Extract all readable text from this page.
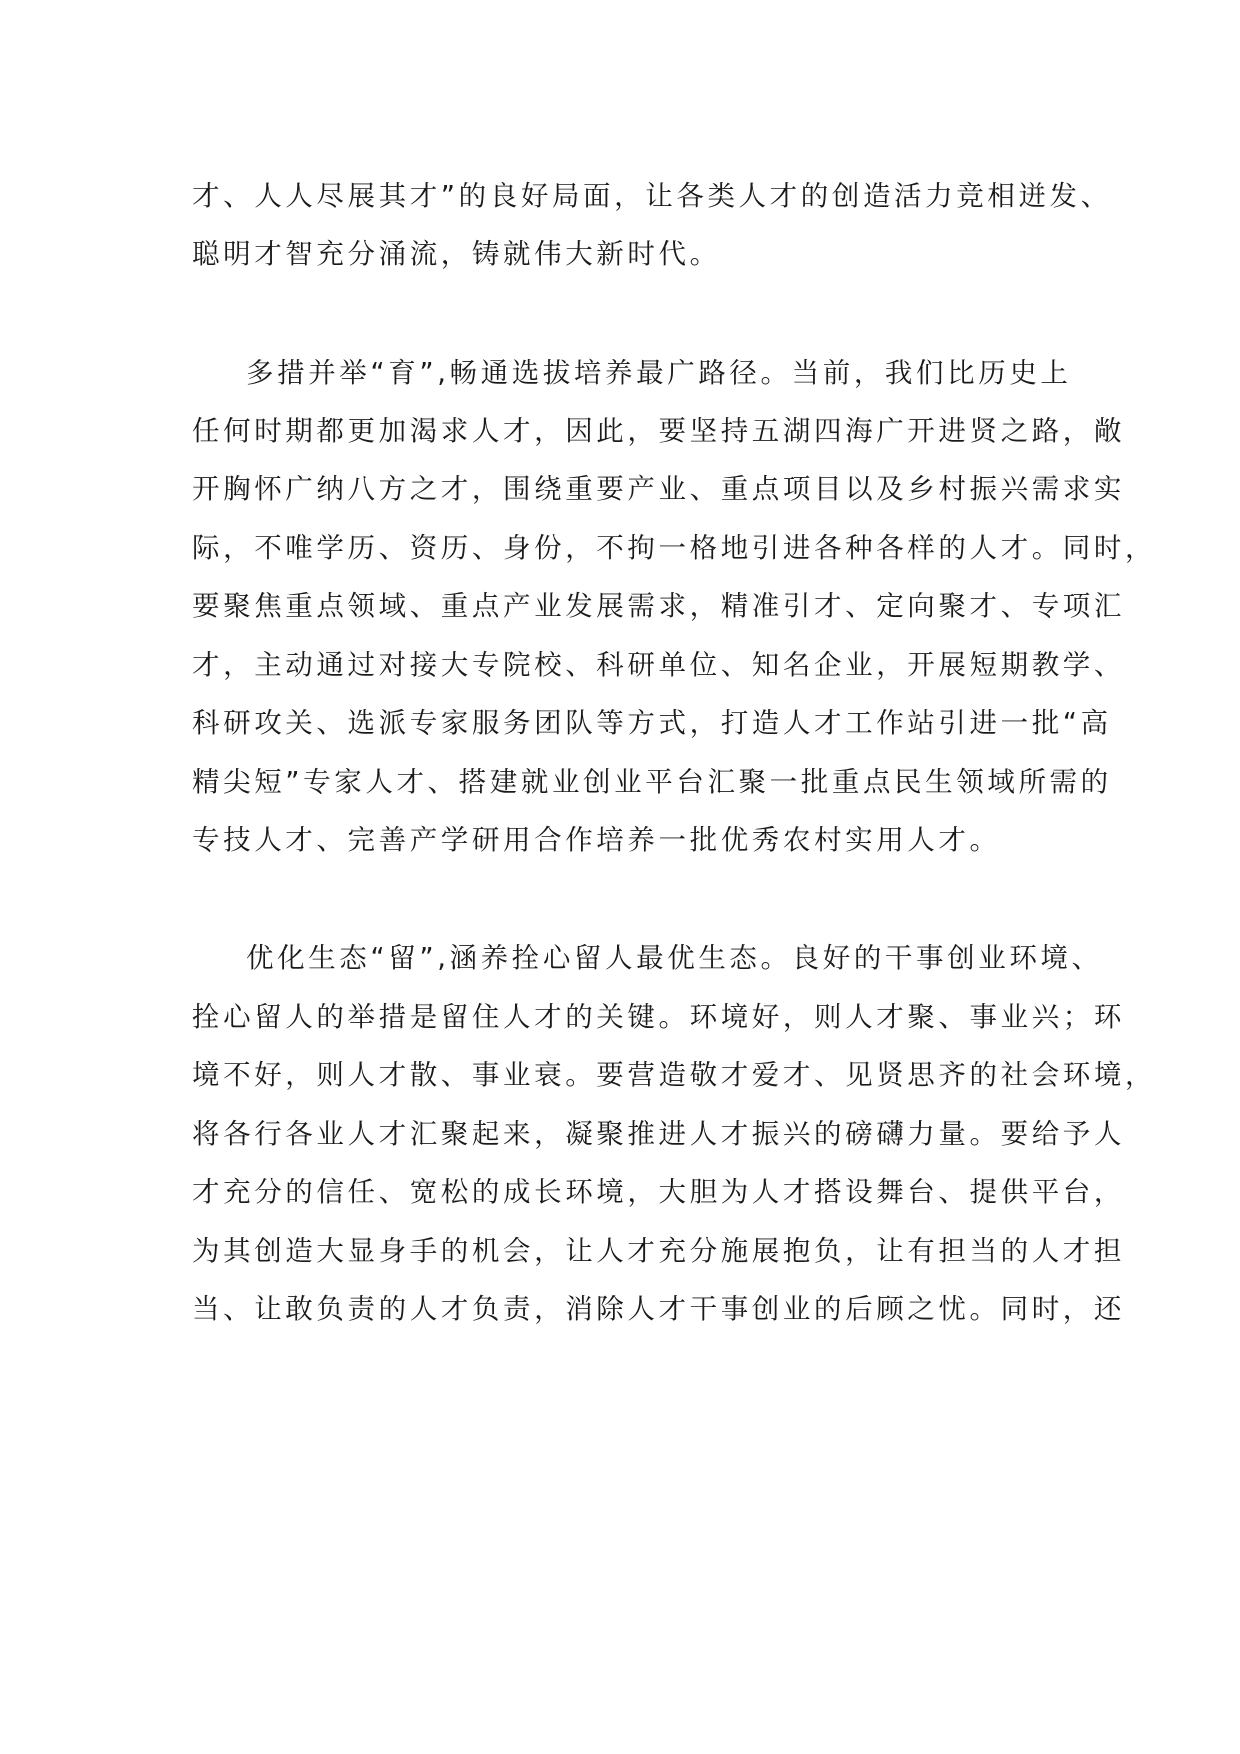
才、人人尽展其才”的良好局面，让各类人才的创造活力竞相迸发、
聪明才智充分涌流，铸就伟大新时代。
多措并举“育”,畅通选拔培养最广路径。当前，我们比历史上
任何时期都更加渴求人才，因此，要坚持五湖四海广开进贤之路，敞
开胸怀广纳八方之才，围绕重要产业、重点项目以及乡村振兴需求实
际，不唯学历、资历、身份，不拘一格地引进各种各样的人才。同时，
要聚焦重点领域、重点产业发展需求，精准引才、定向聚才、专项汇
才，主动通过对接大专院校、科研单位、知名企业，开展短期教学、
科研攻关、选派专家服务团队等方式，打造人才工作站引进一批“高
精尖短”专家人才、搭建就业创业平台汇聚一批重点民生领域所需的
专技人才、完善产学研用合作培养一批优秀农村实用人才。
优化生态“留”,涵养拴心留人最优生态。良好的干事创业环境、
拴心留人的举措是留住人才的关键。环境好，则人才聚、事业兴；环
境不好，则人才散、事业衰。要营造敬才爱才、见贤思齐的社会环境，
将各行各业人才汇聚起来，凝聚推进人才振兴的磅礴力量。要给予人
才充分的信任、宽松的成长环境，大胆为人才搭设舞台、提供平台，
为其创造大显身手的机会，让人才充分施展抱负，让有担当的人才担
当、让敢负责的人才负责，消除人才干事创业的后顾之忧。同时，还
